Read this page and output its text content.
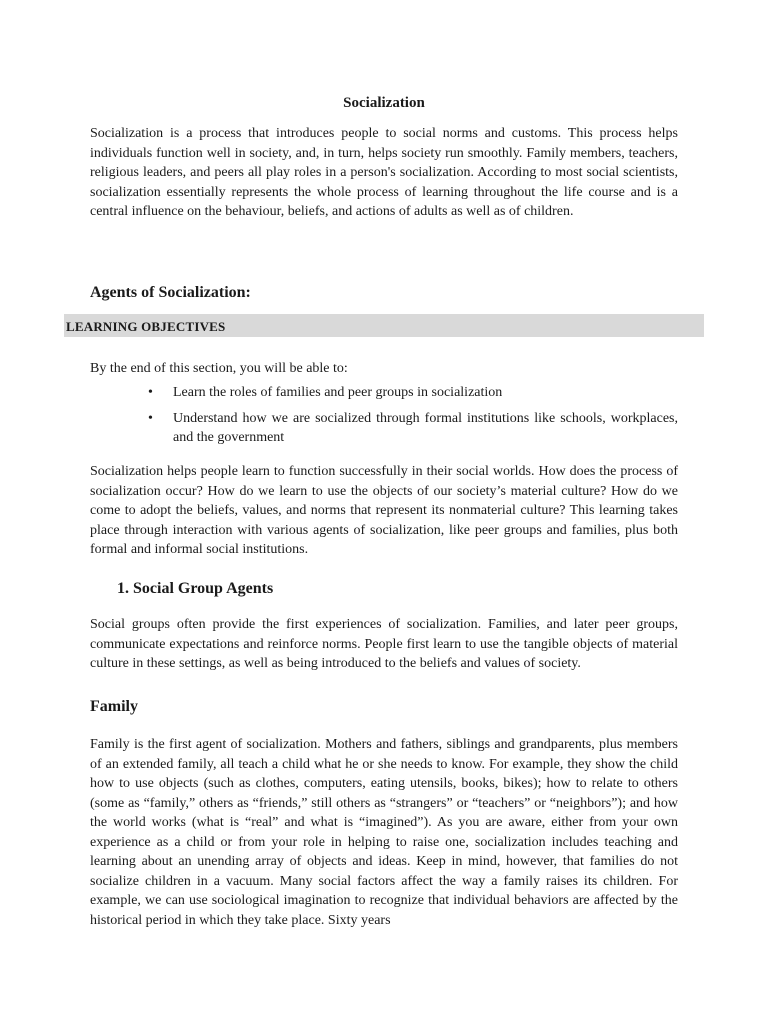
Socialization

Socialization is a process that introduces people to social norms and customs. This process helps individuals function well in society, and, in turn, helps society run smoothly. Family members, teachers, religious leaders, and peers all play roles in a person's socialization. According to most social scientists, socialization essentially represents the whole process of learning throughout the life course and is a central influence on the behaviour, beliefs, and actions of adults as well as of children.

Agents of Socialization:

LEARNING OBJECTIVES

By the end of this section, you will be able to:

• Learn the roles of families and peer groups in socialization
• Understand how we are socialized through formal institutions like schools, workplaces, and the government

Socialization helps people learn to function successfully in their social worlds. How does the process of socialization occur? How do we learn to use the objects of our society’s material culture? How do we come to adopt the beliefs, values, and norms that represent its nonmaterial culture? This learning takes place through interaction with various agents of socialization, like peer groups and families, plus both formal and informal social institutions.

1. Social Group Agents

Social groups often provide the first experiences of socialization. Families, and later peer groups, communicate expectations and reinforce norms. People first learn to use the tangible objects of material culture in these settings, as well as being introduced to the beliefs and values of society.

Family

Family is the first agent of socialization. Mothers and fathers, siblings and grandparents, plus members of an extended family, all teach a child what he or she needs to know. For example, they show the child how to use objects (such as clothes, computers, eating utensils, books, bikes); how to relate to others (some as “family,” others as “friends,” still others as “strangers” or “teachers” or “neighbors”); and how the world works (what is “real” and what is “imagined”). As you are aware, either from your own experience as a child or from your role in helping to raise one, socialization includes teaching and learning about an unending array of objects and ideas. Keep in mind, however, that families do not socialize children in a vacuum. Many social factors affect the way a family raises its children. For example, we can use sociological imagination to recognize that individual behaviors are affected by the historical period in which they take place. Sixty years
